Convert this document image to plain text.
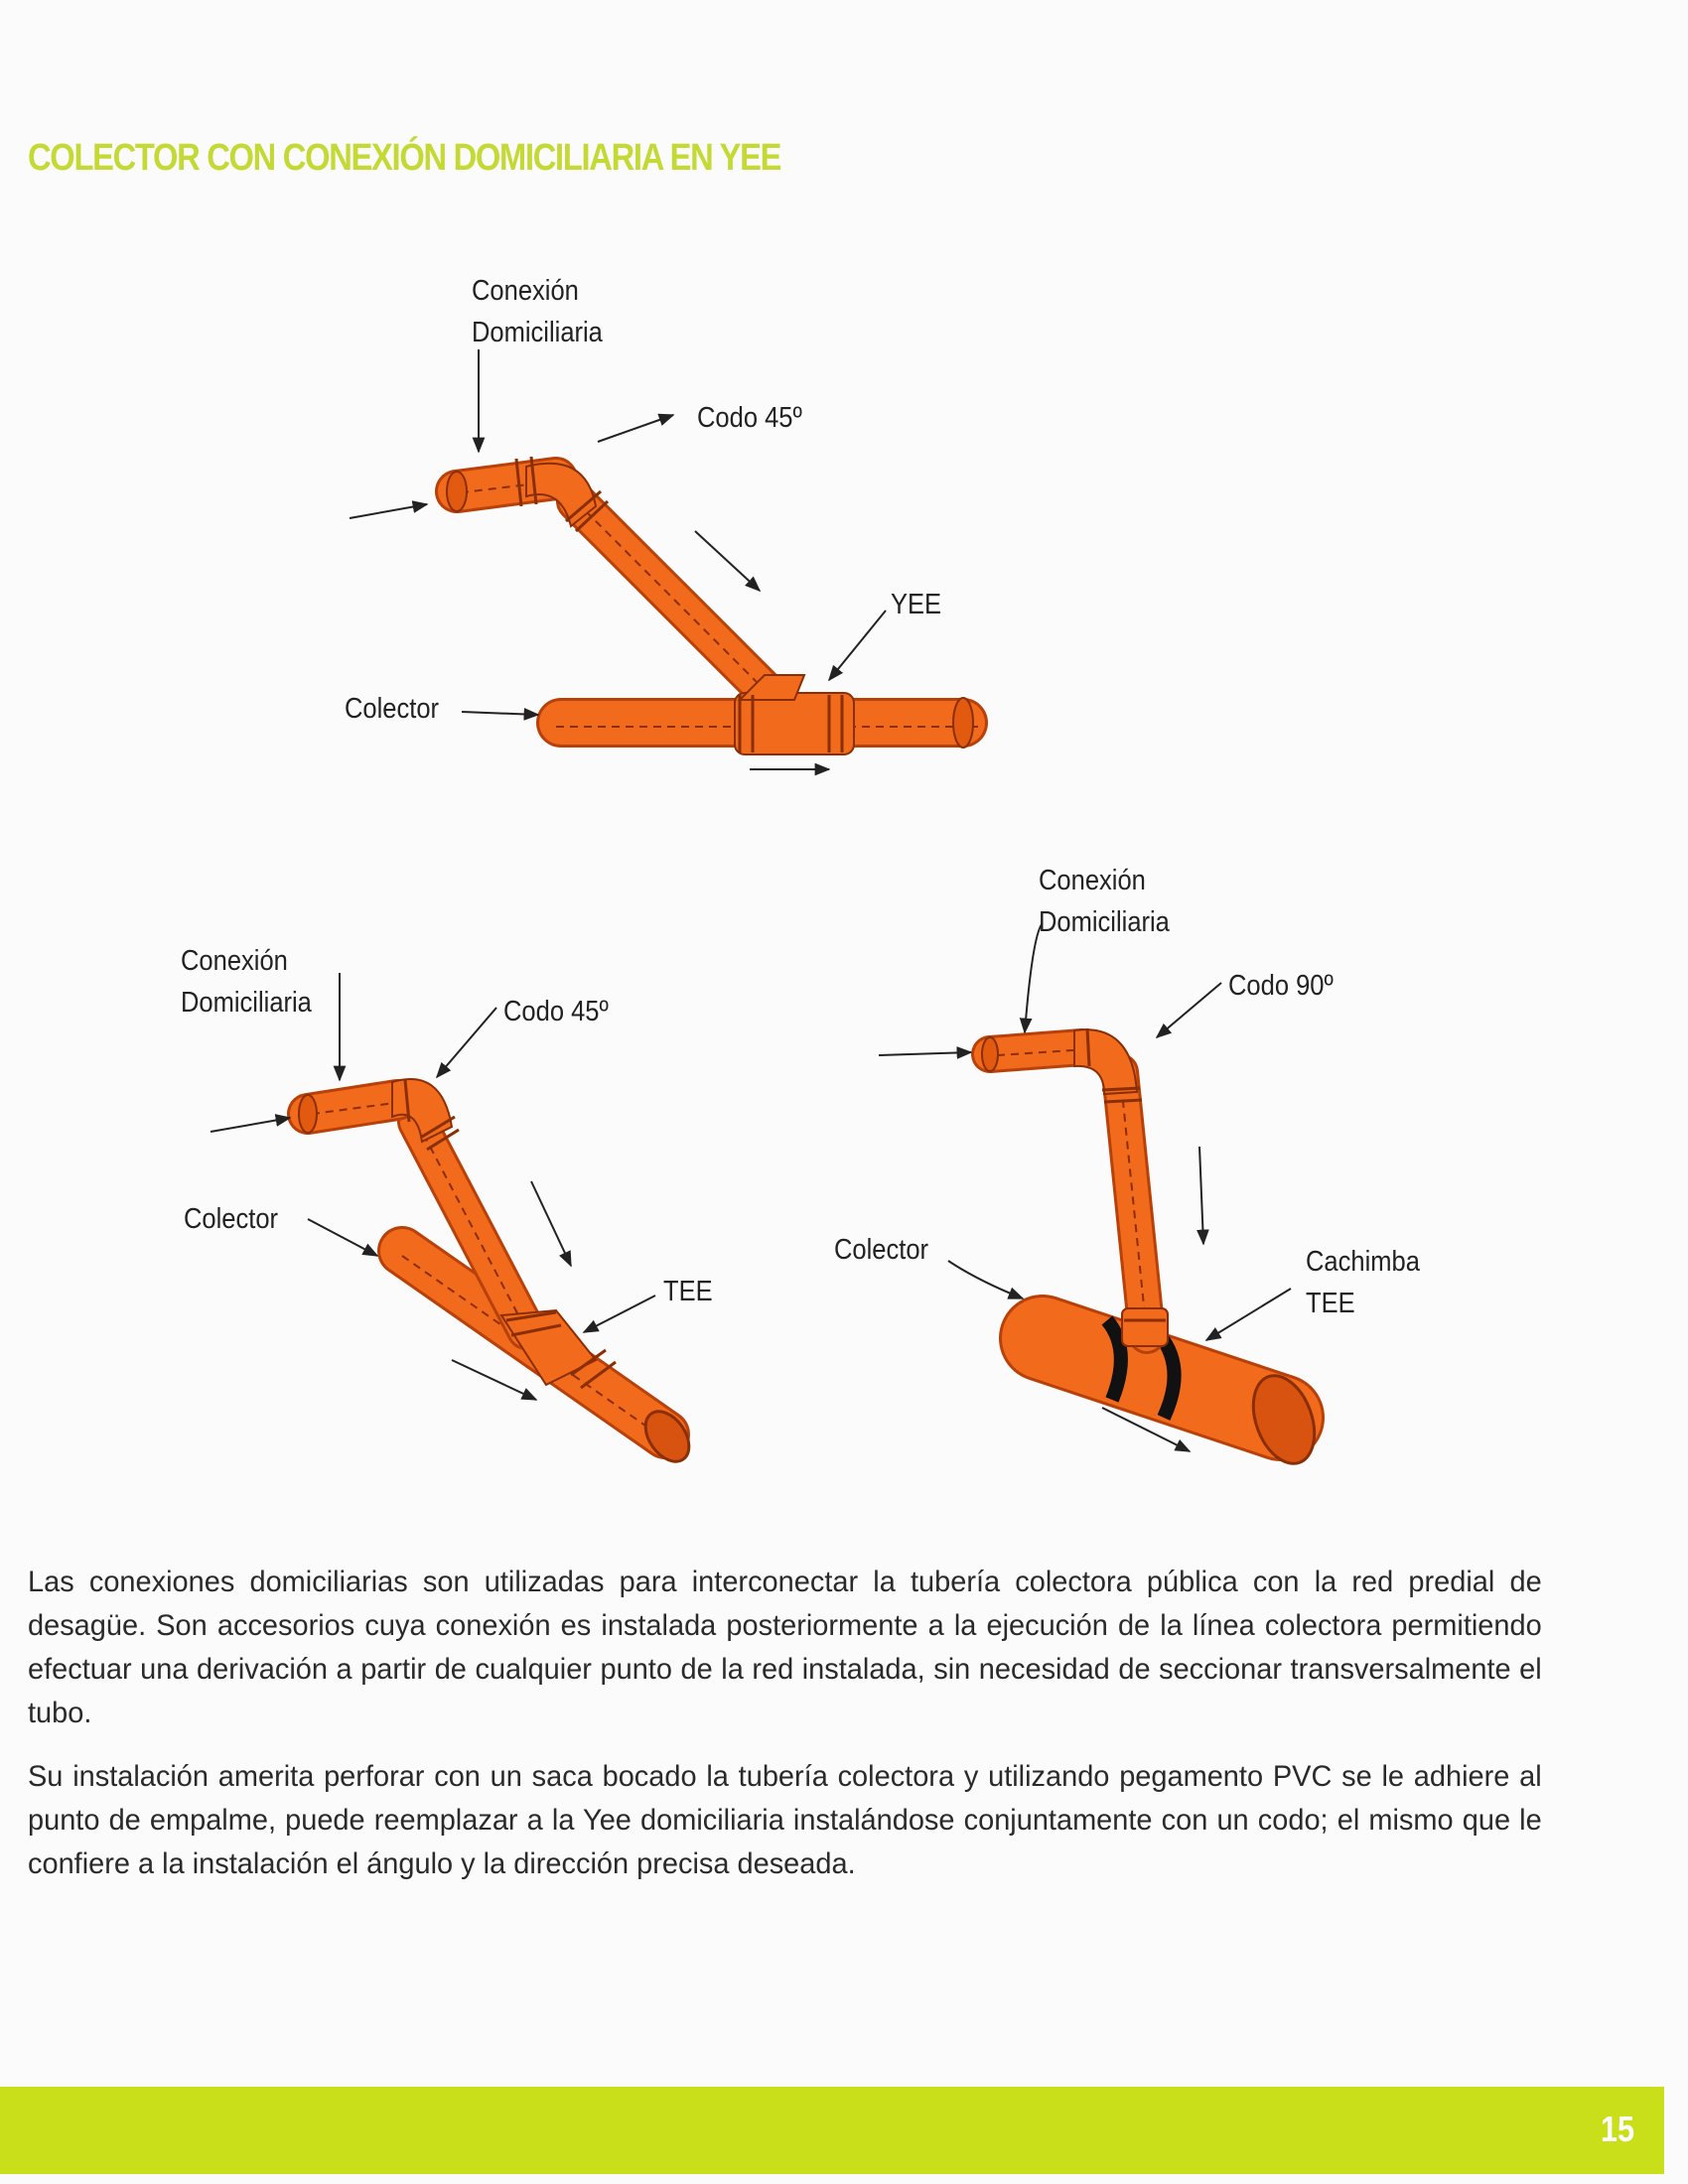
COLECTOR CON CONEXIÓN DOMICILIARIA EN YEE
Conexión
Domiciliaria
Codo 45º
YEE
Colector
Conexión
Domiciliaria	Codo 45º
Colector
TEE
Conexión
Domiciliaria
Codo 90º
Colector	Cachimba
TEE

Las conexiones domiciliarias son utilizadas para interconectar la tubería colectora pública con la red predial de desagüe. Son accesorios cuya conexión es instalada posteriormente a la ejecución de la línea colectora permitiendo efectuar una derivación a partir de cualquier punto de la red instalada, sin necesidad de seccionar transversalmente el tubo.

Su instalación amerita perforar con un saca bocado la tubería colectora y utilizando pegamento PVC se le adhiere al punto de empalme, puede reemplazar a la Yee domiciliaria instalándose conjuntamente con un codo; el mismo que le confiere a la instalación el ángulo y la dirección precisa deseada.

15
